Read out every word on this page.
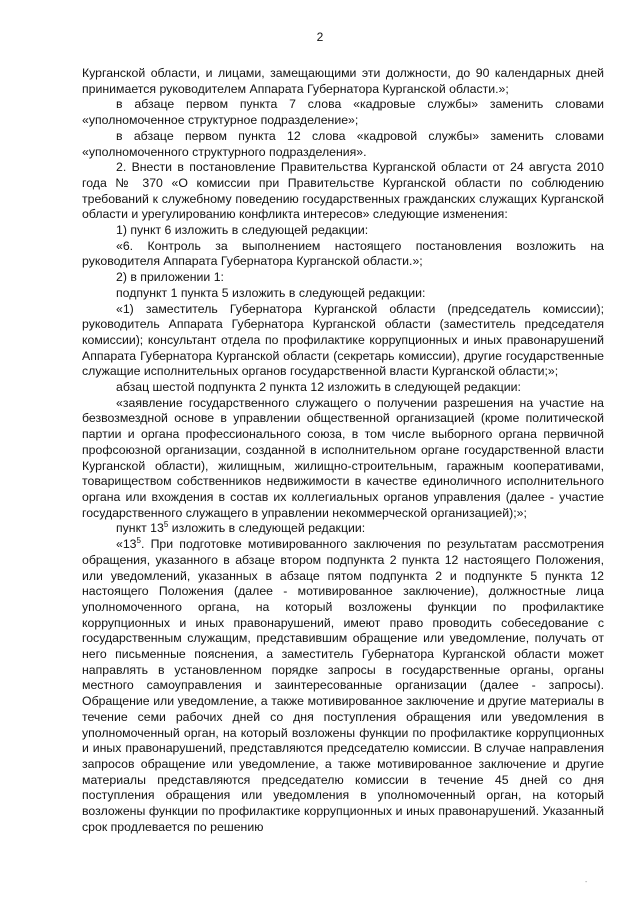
2

Курганской области, и лицами, замещающими эти должности, до 90 календарных дней принимается руководителем Аппарата Губернатора Курганской области.»;

в абзаце первом пункта 7 слова «кадровые службы» заменить словами «уполномоченное структурное подразделение»;

в абзаце первом пункта 12 слова «кадровой службы» заменить словами «уполномоченного структурного подразделения».

2. Внести в постановление Правительства Курганской области от 24 августа 2010 года № 370 «О комиссии при Правительстве Курганской области по соблюдению требований к служебному поведению государственных гражданских служащих Курганской области и урегулированию конфликта интересов» следующие изменения:

1) пункт 6 изложить в следующей редакции:

«6. Контроль за выполнением настоящего постановления возложить на руководителя Аппарата Губернатора Курганской области.»;

2) в приложении 1:

подпункт 1 пункта 5 изложить в следующей редакции:

«1) заместитель Губернатора Курганской области (председатель комиссии); руководитель Аппарата Губернатора Курганской области (заместитель председателя комиссии); консультант отдела по профилактике коррупционных и иных правонарушений Аппарата Губернатора Курганской области (секретарь комиссии), другие государственные служащие исполнительных органов государственной власти Курганской области;»;

абзац шестой подпункта 2 пункта 12 изложить в следующей редакции:

«заявление государственного служащего о получении разрешения на участие на безвозмездной основе в управлении общественной организацией (кроме политической партии и органа профессионального союза, в том числе выборного органа первичной профсоюзной организации, созданной в исполнительном органе государственной власти Курганской области), жилищным, жилищно-строительным, гаражным кооперативами, товариществом собственников недвижимости в качестве единоличного исполнительного органа или вхождения в состав их коллегиальных органов управления (далее - участие государственного служащего в управлении некоммерческой организацией);»;

пункт $13^5$ изложить в следующей редакции:

«$13^5$. При подготовке мотивированного заключения по результатам рассмотрения обращения, указанного в абзаце втором подпункта 2 пункта 12 настоящего Положения, или уведомлений, указанных в абзаце пятом подпункта 2 и подпункте 5 пункта 12 настоящего Положения (далее - мотивированное заключение), должностные лица уполномоченного органа, на который возложены функции по профилактике коррупционных и иных правонарушений, имеют право проводить собеседование с государственным служащим, представившим обращение или уведомление, получать от него письменные пояснения, а заместитель Губернатора Курганской области может направлять в установленном порядке запросы в государственные органы, органы местного самоуправления и заинтересованные организации (далее - запросы). Обращение или уведомление, а также мотивированное заключение и другие материалы в течение семи рабочих дней со дня поступления обращения или уведомления в уполномоченный орган, на который возложены функции по профилактике коррупционных и иных правонарушений, представляются председателю комиссии. В случае направления запросов обращение или уведомление, а также мотивированное заключение и другие материалы представляются председателю комиссии в течение 45 дней со дня поступления обращения или уведомления в уполномоченный орган, на который возложены функции по профилактике коррупционных и иных правонарушений. Указанный срок продлевается по решению

-
